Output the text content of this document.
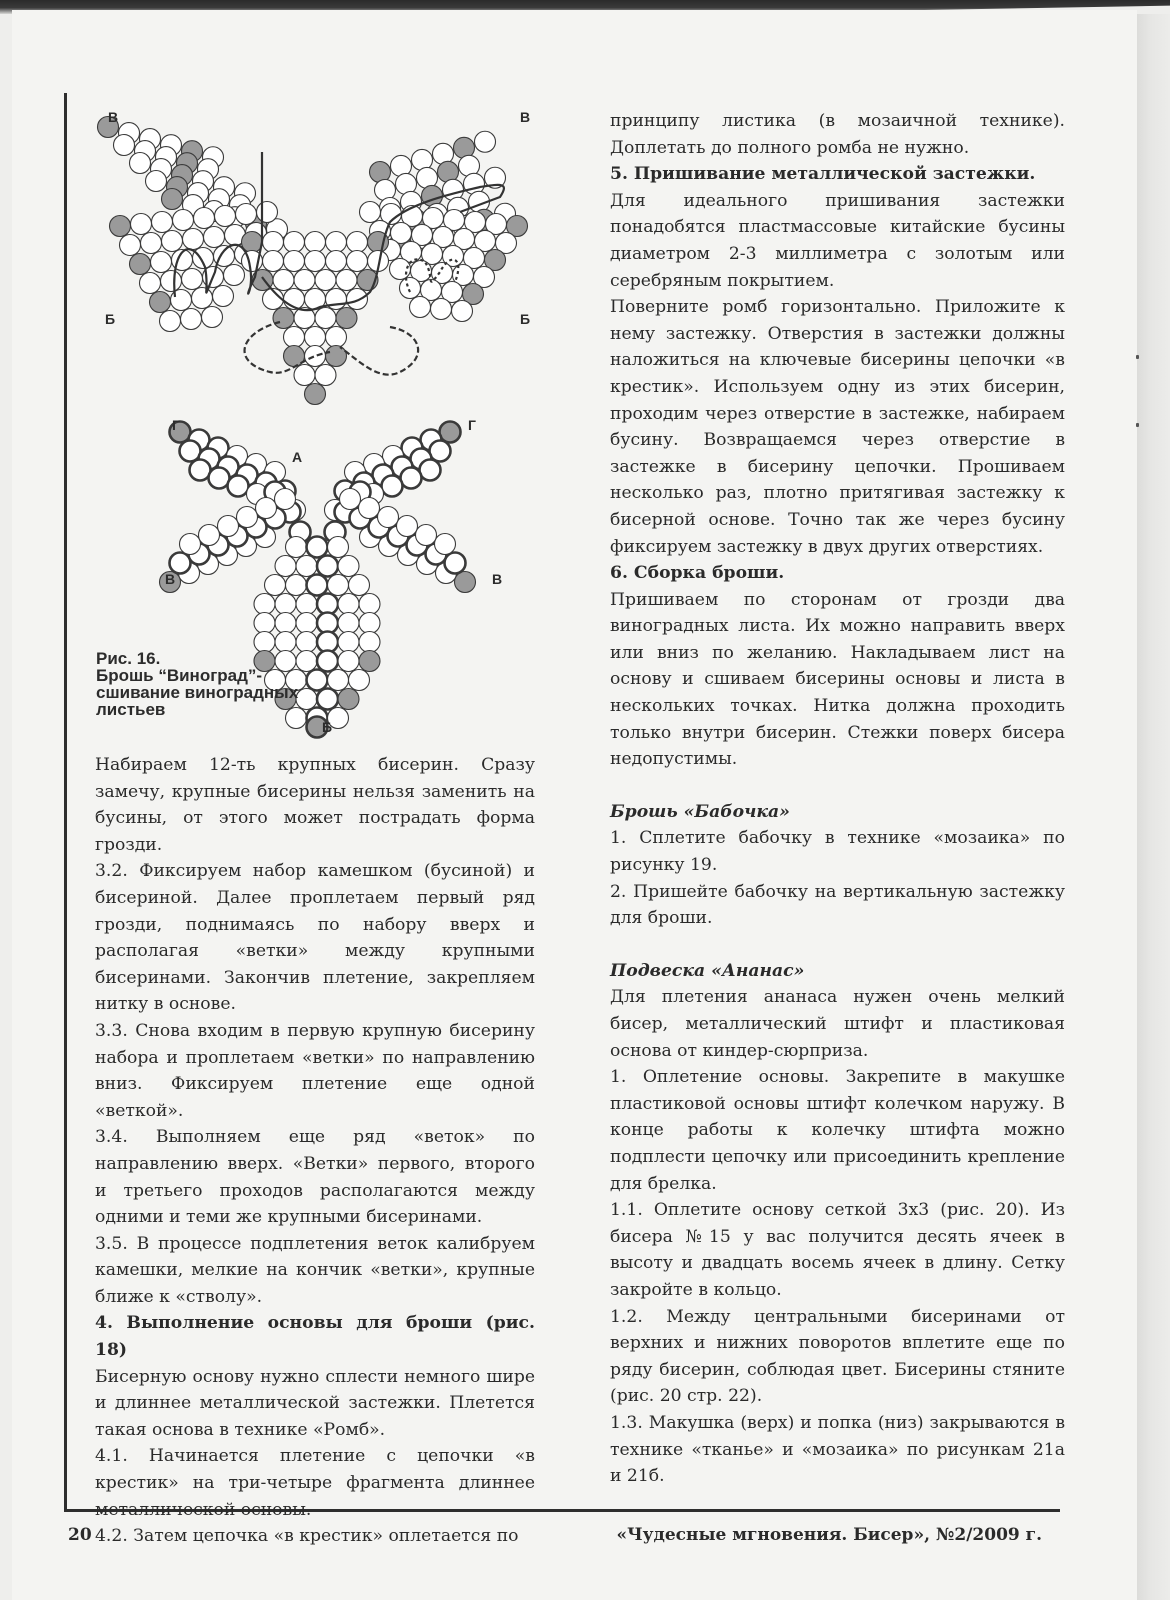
В	В
Б	Б
Г	Г
А
В	В
Б
Рис. 16.
Брошь “Виноград”- сшивание виноградных листьев

Набираем 12-ть крупных бисерин. Сразу замечу, крупные бисерины нельзя заменить на бусины, от этого может пострадать форма грозди.

3.2. Фиксируем набор камешком (бусиной) и бисериной. Далее проплетаем первый ряд грозди, поднимаясь по набору вверх и располагая «ветки» между крупными бисеринами. Закончив плетение, закрепляем нитку в основе.

3.3. Снова входим в первую крупную бисерину набора и проплетаем «ветки» по направлению вниз. Фиксируем плетение еще одной «веткой».

3.4. Выполняем еще ряд «веток» по направлению вверх. «Ветки» первого, второго и третьего проходов располагаются между одними и теми же крупными бисеринами.

3.5. В процессе подплетения веток калибруем камешки, мелкие на кончик «ветки», крупные ближе к «стволу».

4. Выполнение основы для броши (рис. 18)

Бисерную основу нужно сплести немного шире и длиннее металлической застежки. Плетется такая основа в технике «Ромб».

4.1. Начинается плетение с цепочки «в крестик» на три-четыре фрагмента длиннее металлической основы.

4.2. Затем цепочка «в крестик» оплетается по

принципу листика (в мозаичной технике). Доплетать до полного ромба не нужно.

5. Пришивание металлической застежки.

Для идеального пришивания застежки понадобятся пластмассовые китайские бусины диаметром 2-3 миллиметра с золотым или серебряным покрытием.

Поверните ромб горизонтально. Приложите к нему застежку. Отверстия в застежки должны наложиться на ключевые бисерины цепочки «в крестик». Используем одну из этих бисерин, проходим через отверстие в застежке, набираем бусину. Возвращаемся через отверстие в застежке в бисерину цепочки. Прошиваем несколько раз, плотно притягивая застежку к бисерной основе. Точно так же через бусину фиксируем застежку в двух других отверстиях.

6. Сборка броши.

Пришиваем по сторонам от грозди два виноградных листа. Их можно направить вверх или вниз по желанию. Накладываем лист на основу и сшиваем бисерины основы и листа в нескольких точках. Нитка должна проходить только внутри бисерин. Стежки поверх бисера недопустимы.

Брошь «Бабочка»

1. Сплетите бабочку в технике «мозаика» по рисунку 19.

2. Пришейте бабочку на вертикальную застежку для броши.

Подвеска «Ананас»

Для плетения ананаса нужен очень мелкий бисер, металлический штифт и пластиковая основа от киндер-сюрприза.

1. Оплетение основы. Закрепите в макушке пластиковой основы штифт колечком наружу. В конце работы к колечку штифта можно подплести цепочку или присоединить крепление для брелка.

1.1. Оплетите основу сеткой 3x3 (рис. 20). Из бисера №15 у вас получится десять ячеек в высоту и двадцать восемь ячеек в длину. Сетку закройте в кольцо.

1.2. Между центральными бисеринами от верхних и нижних поворотов вплетите еще по ряду бисерин, соблюдая цвет. Бисерины стяните (рис. 20 стр. 22).

1.3. Макушка (верх) и попка (низ) закрываются в технике «тканье» и «мозаика» по рисункам 21а и 21б.

20	«Чудесные мгновения. Бисер», №2/2009 г.
